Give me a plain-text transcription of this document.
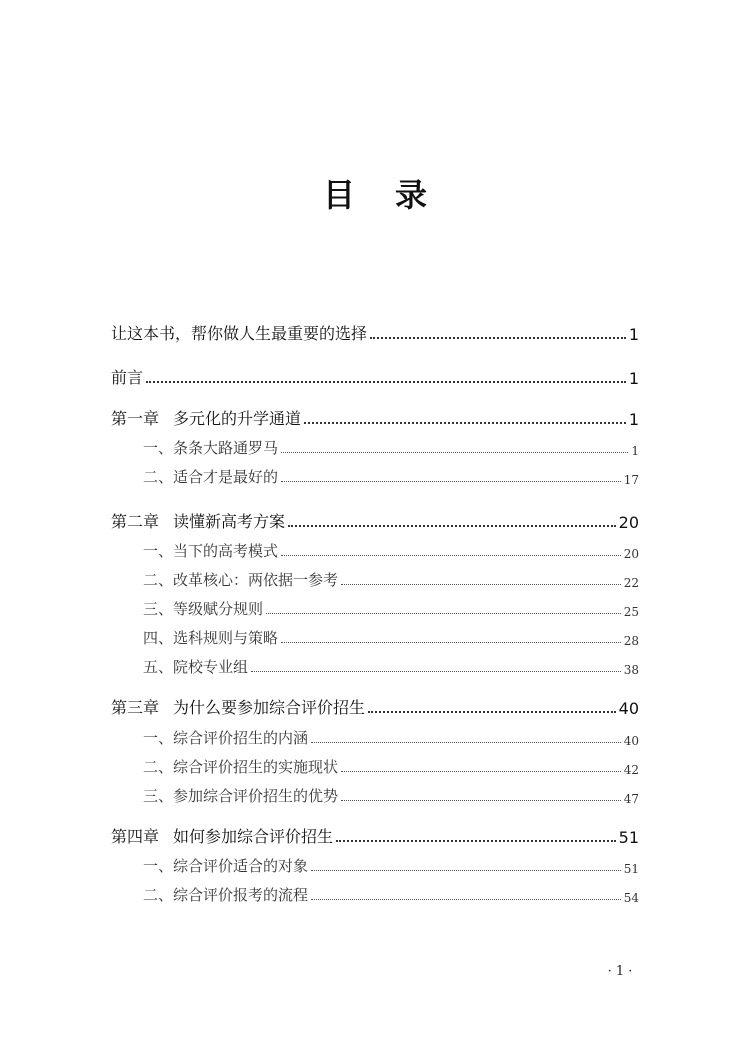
目 录
让这本书，帮你做人生最重要的选择	1
前言	1
第一章 多元化的升学通道	1
一、条条大路通罗马	1
二、适合才是最好的	17
第二章 读懂新高考方案	20
一、当下的高考模式	20
二、改革核心：两依据一参考	22
三、等级赋分规则	25
四、选科规则与策略	28
五、院校专业组	38
第三章 为什么要参加综合评价招生	40
一、综合评价招生的内涵	40
二、综合评价招生的实施现状	42
三、参加综合评价招生的优势	47
第四章 如何参加综合评价招生	51
一、综合评价适合的对象	51
二、综合评价报考的流程	54
· 1 ·
